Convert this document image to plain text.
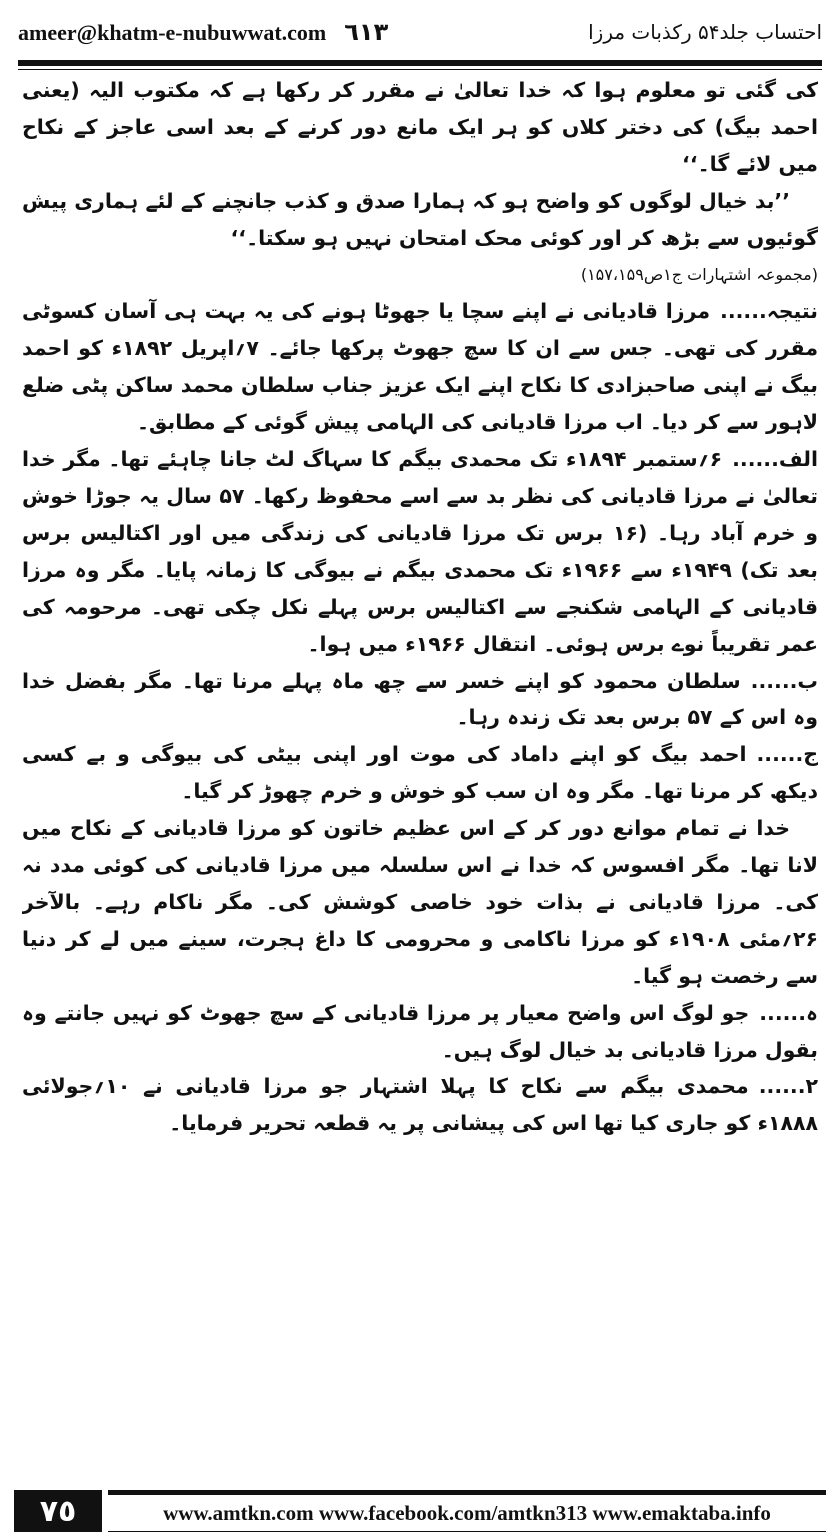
ameer@khatm-e-nubuwwat.com ٦١٣	احتساب جلد۵۴ رکذبات مرزا

کی گئی تو معلوم ہوا کہ خدا تعالیٰ نے مقرر کر رکھا ہے کہ مکتوب الیہ (یعنی احمد بیگ) کی دختر کلاں کو ہر ایک مانع دور کرنے کے بعد اسی عاجز کے نکاح میں لائے گا۔‘‘

’’بد خیال لوگوں کو واضح ہو کہ ہمارا صدق و کذب جانچنے کے لئے ہماری پیش گوئیوں سے بڑھ کر اور کوئی محک امتحان نہیں ہو سکتا۔‘‘

(مجموعہ اشتہارات ج۱ص۱۵۷،۱۵۹)

نتیجہ......مرزا قادیانی نے اپنے سچا یا جھوٹا ہونے کی یہ بہت ہی آسان کسوٹی مقرر کی تھی۔ جس سے ان کا سچ جھوٹ پرکھا جائے۔ ۷؍اپریل ۱۸۹۲ء کو احمد بیگ نے اپنی صاحبزادی کا نکاح اپنے ایک عزیز جناب سلطان محمد ساکن پٹی ضلع لاہور سے کر دیا۔ اب مرزا قادیانی کی الہامی پیش گوئی کے مطابق۔

الف......۶؍ستمبر ۱۸۹۴ء تک محمدی بیگم کا سہاگ لٹ جانا چاہئے تھا۔ مگر خدا تعالیٰ نے مرزا قادیانی کی نظر بد سے اسے محفوظ رکھا۔ ۵۷ سال یہ جوڑا خوش و خرم آباد رہا۔ (۱۶ برس تک مرزا قادیانی کی زندگی میں اور اکتالیس برس بعد تک) ۱۹۴۹ء سے ۱۹۶۶ء تک محمدی بیگم نے بیوگی کا زمانہ پایا۔ مگر وہ مرزا قادیانی کے الہامی شکنجے سے اکتالیس برس پہلے نکل چکی تھی۔ مرحومہ کی عمر تقریباً نوے برس ہوئی۔ انتقال ۱۹۶۶ء میں ہوا۔

ب......سلطان محمود کو اپنے خسر سے چھ ماہ پہلے مرنا تھا۔ مگر بفضل خدا وہ اس کے ۵۷ برس بعد تک زندہ رہا۔

ج......احمد بیگ کو اپنے داماد کی موت اور اپنی بیٹی کی بیوگی و بے کسی دیکھ کر مرنا تھا۔ مگر وہ ان سب کو خوش و خرم چھوڑ کر گیا۔

خدا نے تمام موانع دور کر کے اس عظیم خاتون کو مرزا قادیانی کے نکاح میں لانا تھا۔ مگر افسوس کہ خدا نے اس سلسلہ میں مرزا قادیانی کی کوئی مدد نہ کی۔ مرزا قادیانی نے بذات خود خاصی کوشش کی۔ مگر ناکام رہے۔ بالآخر ۲۶؍مئی ۱۹۰۸ء کو مرزا ناکامی و محرومی کا داغ ہجرت، سینے میں لے کر دنیا سے رخصت ہو گیا۔

ہ......جو لوگ اس واضح معیار پر مرزا قادیانی کے سچ جھوٹ کو نہیں جانتے وہ بقول مرزا قادیانی بد خیال لوگ ہیں۔

۲......محمدی بیگم سے نکاح کا پہلا اشتہار جو مرزا قادیانی نے ۱۰؍جولائی ۱۸۸۸ء کو جاری کیا تھا اس کی پیشانی پر یہ قطعہ تحریر فرمایا۔

٧٥	www.amtkn.com www.facebook.com/amtkn313 www.emaktaba.info
